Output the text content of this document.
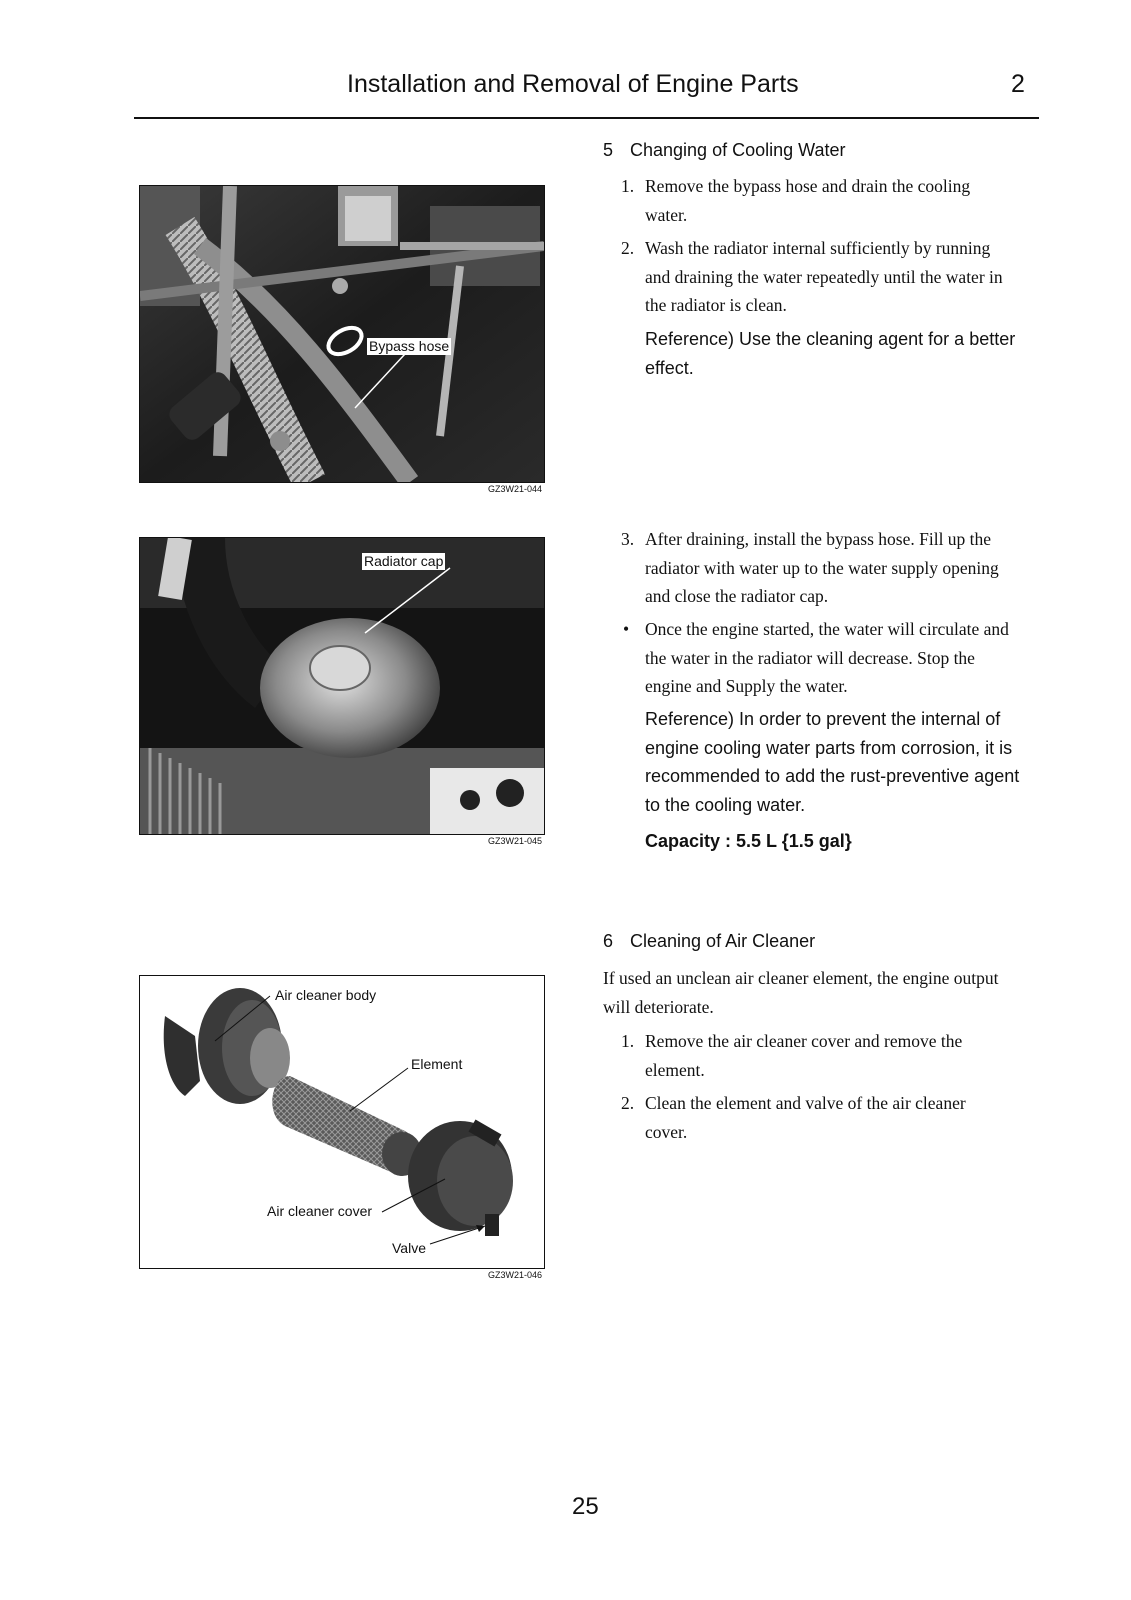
Installation and Removal of Engine Parts	2
Bypass hose
GZ3W21-044
Radiator cap
GZ3W21-045
Air cleaner body
Element
Air cleaner cover
Valve
GZ3W21-046
5 Changing of Cooling Water
1. Remove the bypass hose and drain the cooling
water.
2. Wash the radiator internal sufficiently by running
and draining the water repeatedly until the water in
the radiator is clean.
Reference) Use the cleaning agent for a better
effect.
3. After draining, install the bypass hose. Fill up the
radiator with water up to the water supply opening
and close the radiator cap.
• Once the engine started, the water will circulate and
the water in the radiator will decrease. Stop the
engine and Supply the water.
Reference) In order to prevent the internal of
engine cooling water parts from corrosion, it is
recommended to add the rust-preventive agent
to the cooling water.
Capacity : 5.5 L {1.5 gal}
6 Cleaning of Air Cleaner
If used an unclean air cleaner element, the engine output
will deteriorate.
1. Remove the air cleaner cover and remove the
element.
2. Clean the element and valve of the air cleaner
cover.
25
